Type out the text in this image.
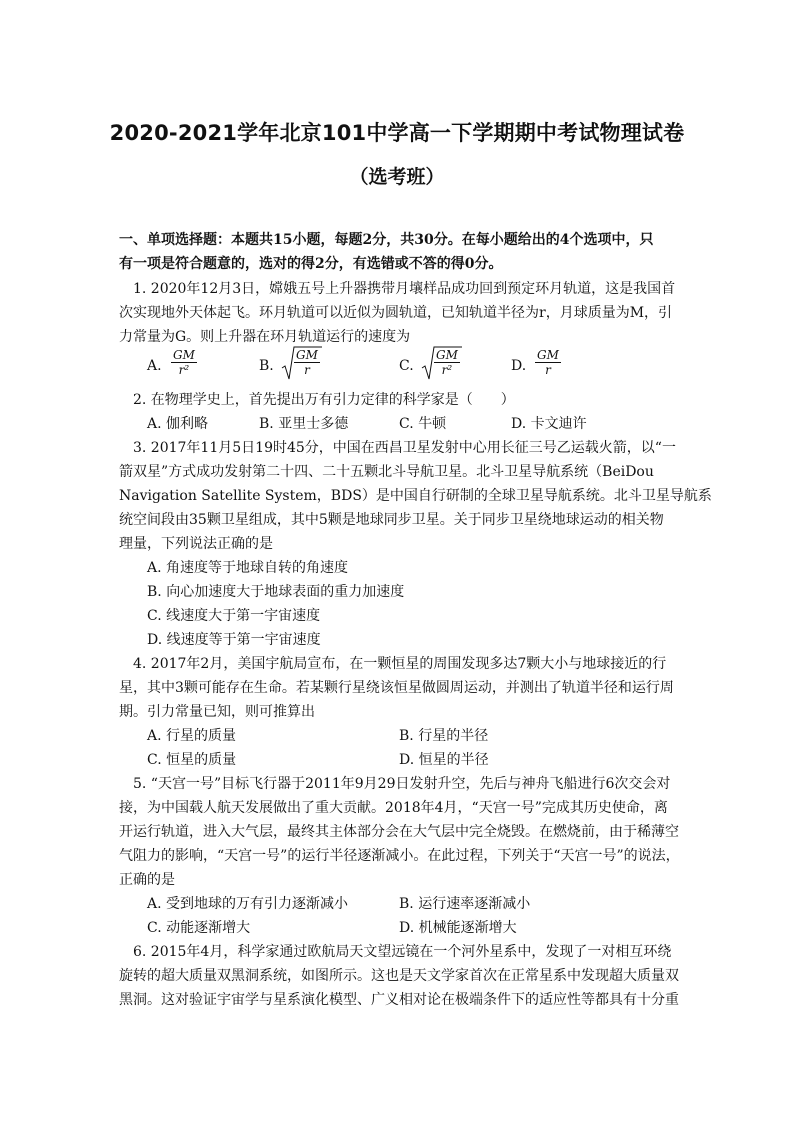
2020-2021学年北京101中学高一下学期期中考试物理试卷
（选考班）
一、单项选择题：本题共15小题，每题2分，共30分。在每小题给出的4个选项中，只
有一项是符合题意的，选对的得2分，有选错或不答的得0分。
1. 2020年12月3日，嫦娥五号上升器携带月壤样品成功回到预定环月轨道，这是我国首
次实现地外天体起飞。环月轨道可以近似为圆轨道，已知轨道半径为r，月球质量为M，引
力常量为G。则上升器在环月轨道运行的速度为
A. $\frac{GM}{\text{r²}}$	B. $\frac{GM}{r}$	C. $\frac{GM}{\text{r²}}$	D. $\frac{GM}{r}$
2. 在物理学史上，首先提出万有引力定律的科学家是（　　）
A. 伽利略	B. 亚里士多德	C. 牛顿	D. 卡文迪许
3. 2017年11月5日19时45分，中国在西昌卫星发射中心用长征三号乙运载火箭，以“一
箭双星”方式成功发射第二十四、二十五颗北斗导航卫星。北斗卫星导航系统（BeiDou
Navigation Satellite System，BDS）是中国自行研制的全球卫星导航系统。北斗卫星导航系
统空间段由35颗卫星组成，其中5颗是地球同步卫星。关于同步卫星绕地球运动的相关物
理量，下列说法正确的是
A. 角速度等于地球自转的角速度
B. 向心加速度大于地球表面的重力加速度
C. 线速度大于第一宇宙速度
D. 线速度等于第一宇宙速度
4. 2017年2月，美国宇航局宣布，在一颗恒星的周围发现多达7颗大小与地球接近的行
星，其中3颗可能存在生命。若某颗行星绕该恒星做圆周运动，并测出了轨道半径和运行周
期。引力常量已知，则可推算出
A. 行星的质量	B. 行星的半径
C. 恒星的质量	D. 恒星的半径
5. “天宫一号”目标飞行器于2011年9月29日发射升空，先后与神舟飞船进行6次交会对
接，为中国载人航天发展做出了重大贡献。2018年4月，“天宫一号”完成其历史使命，离
开运行轨道，进入大气层，最终其主体部分会在大气层中完全烧毁。在燃烧前，由于稀薄空
气阻力的影响，“天宫一号”的运行半径逐渐减小。在此过程，下列关于“天宫一号”的说法，
正确的是
A. 受到地球的万有引力逐渐减小	B. 运行速率逐渐减小
C. 动能逐渐增大	D. 机械能逐渐增大
6. 2015年4月，科学家通过欧航局天文望远镜在一个河外星系中，发现了一对相互环绕
旋转的超大质量双黑洞系统，如图所示。这也是天文学家首次在正常星系中发现超大质量双
黑洞。这对验证宇宙学与星系演化模型、广义相对论在极端条件下的适应性等都具有十分重
